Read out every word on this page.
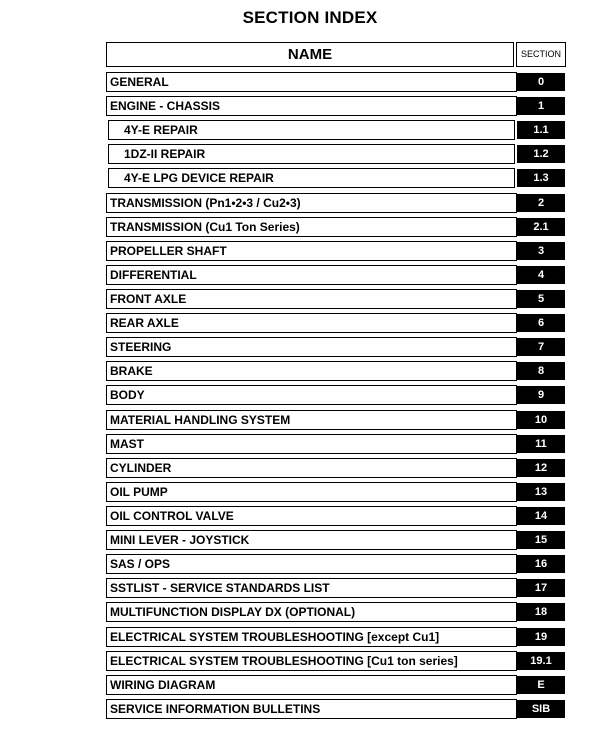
SECTION INDEX
NAME	SECTION
GENERAL	0
ENGINE - CHASSIS	1
4Y-E REPAIR	1.1
1DZ-II REPAIR	1.2
4Y-E LPG DEVICE REPAIR	1.3
TRANSMISSION (Pn1•2•3 / Cu2•3)	2
TRANSMISSION (Cu1 Ton Series)	2.1
PROPELLER SHAFT	3
DIFFERENTIAL	4
FRONT AXLE	5
REAR AXLE	6
STEERING	7
BRAKE	8
BODY	9
MATERIAL HANDLING SYSTEM	10
MAST	11
CYLINDER	12
OIL PUMP	13
OIL CONTROL VALVE	14
MINI LEVER - JOYSTICK	15
SAS / OPS	16
SSTLIST - SERVICE STANDARDS LIST	17
MULTIFUNCTION DISPLAY DX (OPTIONAL)	18
ELECTRICAL SYSTEM TROUBLESHOOTING [except Cu1]	19
ELECTRICAL SYSTEM TROUBLESHOOTING [Cu1 ton series]	19.1
WIRING DIAGRAM	E
SERVICE INFORMATION BULLETINS	SIB
